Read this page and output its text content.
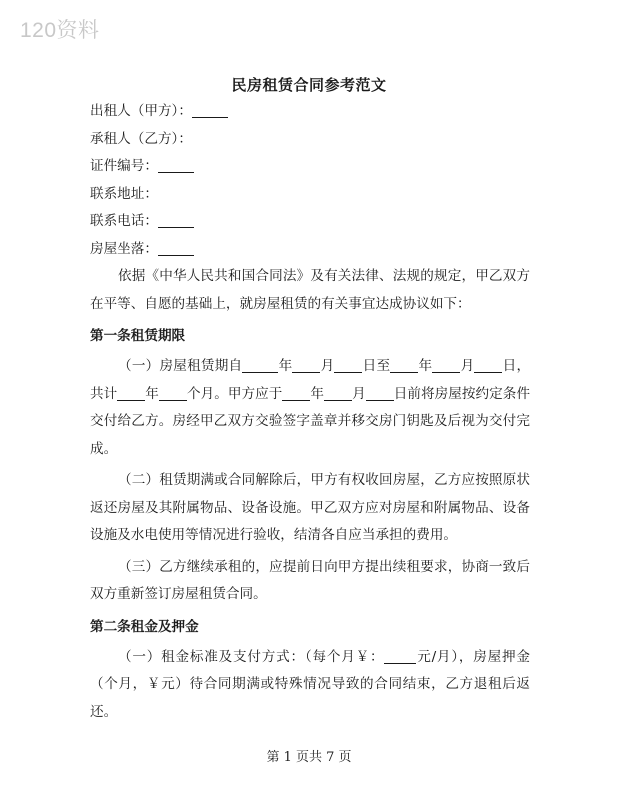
120资料
民房租赁合同参考范文

出租人（甲方）：

承租人（乙方）：

证件编号：

联系地址：

联系电话：

房屋坐落：

依据《中华人民共和国合同法》及有关法律、法规的规定，甲乙双方在平等、自愿的基础上，就房屋租赁的有关事宜达成协议如下：

第一条租赁期限

（一）房屋租赁期自	年 月 日至 年 月 日，共计 年 个月。甲方应于 年 月 日前将房屋按约定条件交付给乙方。房经甲乙双方交验签字盖章并移交房门钥匙及后视为交付完成。

（二）租赁期满或合同解除后，甲方有权收回房屋，乙方应按照原状返还房屋及其附属物品、设备设施。甲乙双方应对房屋和附属物品、设备设施及水电使用等情况进行验收，结清各自应当承担的费用。

（三）乙方继续承租的，应提前日向甲方提出续租要求，协商一致后双方重新签订房屋租赁合同。

第二条租金及押金

（一）租金标准及支付方式：（每个月￥： 元/月），房屋押金（个月，￥元）待合同期满或特殊情况导致的合同结束，乙方退租后返还。

第 1 页共 7 页
